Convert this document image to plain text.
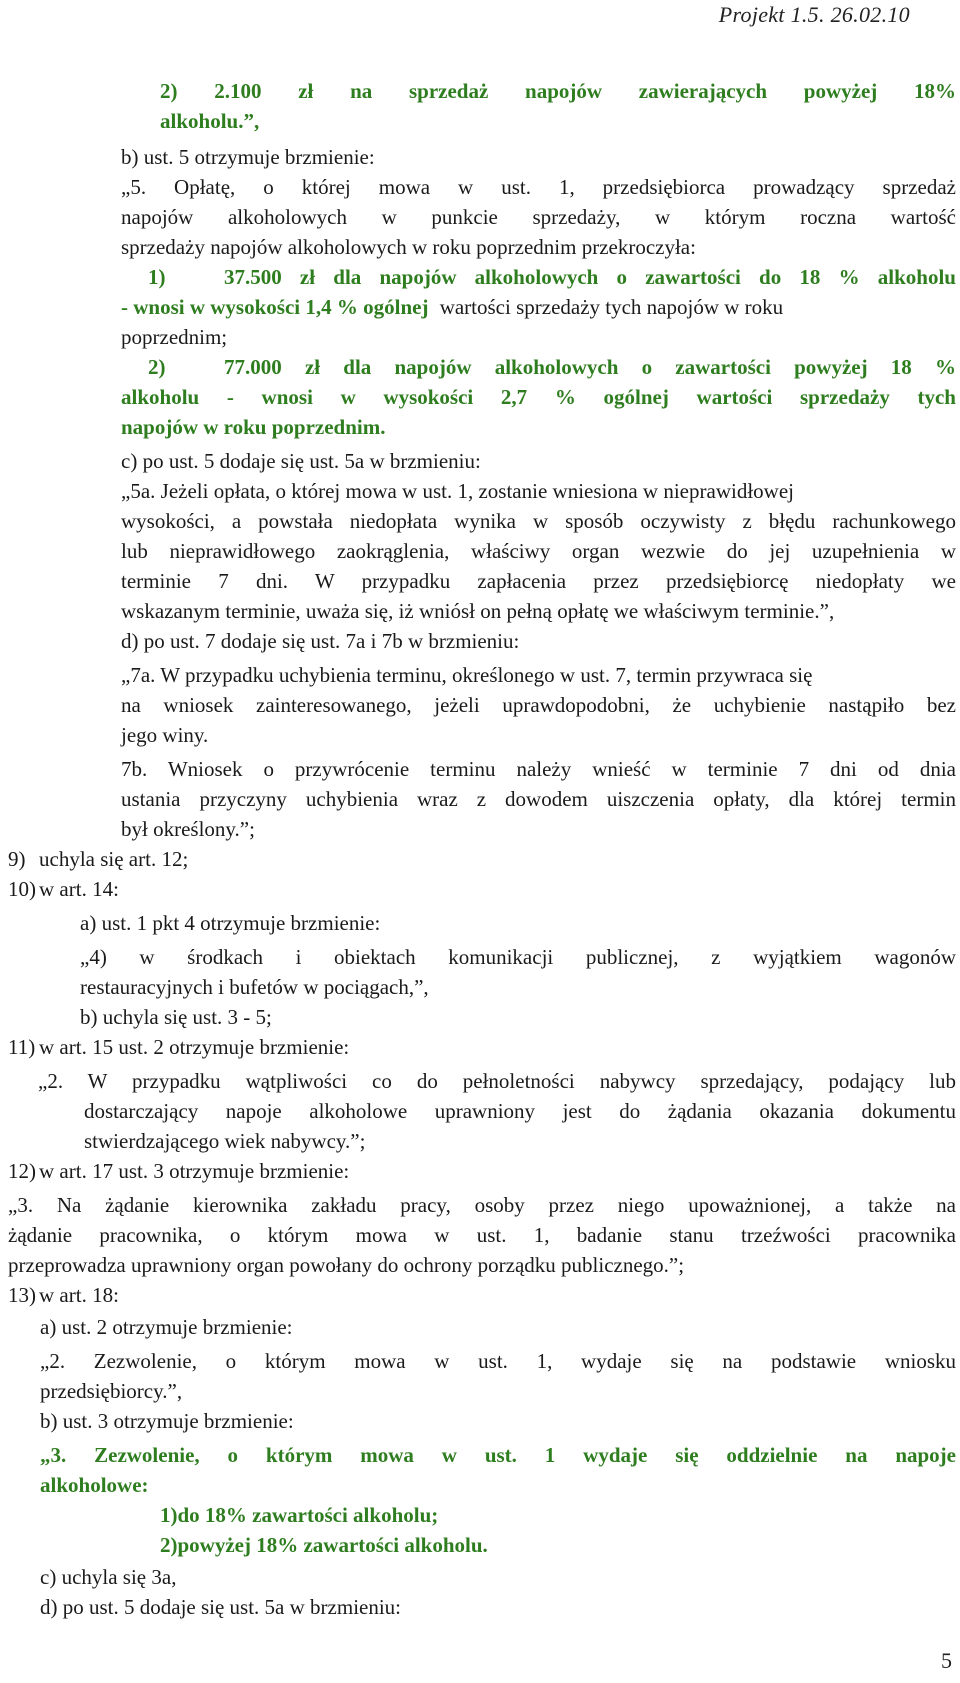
Projekt 1.5. 26.02.10
2) 2.100 zł na sprzedaż napojów zawierających powyżej 18%
alkoholu.”,
b) ust. 5 otrzymuje brzmienie:
„5. Opłatę, o której mowa w ust. 1, przedsiębiorca prowadzący sprzedaż
napojów alkoholowych w punkcie sprzedaży, w którym roczna wartość
sprzedaży napojów alkoholowych w roku poprzednim przekroczyła:
1)	37.500 zł dla napojów alkoholowych o zawartości do 18 % alkoholu
- wnosi w wysokości 1,4 % ogólnej wartości sprzedaży tych napojów w roku
poprzednim;
2)	77.000 zł dla napojów alkoholowych o zawartości powyżej 18 %
alkoholu - wnosi w wysokości 2,7 % ogólnej wartości sprzedaży tych
napojów w roku poprzednim.
c) po ust. 5 dodaje się ust. 5a w brzmieniu:
„5a. Jeżeli opłata, o której mowa w ust. 1, zostanie wniesiona w nieprawidłowej
wysokości, a powstała niedopłata wynika w sposób oczywisty z błędu rachunkowego
lub nieprawidłowego zaokrąglenia, właściwy organ wezwie do jej uzupełnienia w
terminie 7 dni. W przypadku zapłacenia przez przedsiębiorcę niedopłaty we
wskazanym terminie, uważa się, iż wniósł on pełną opłatę we właściwym terminie.”,
d) po ust. 7 dodaje się ust. 7a i 7b w brzmieniu:
„7a. W przypadku uchybienia terminu, określonego w ust. 7, termin przywraca się
na wniosek zainteresowanego, jeżeli uprawdopodobni, że uchybienie nastąpiło bez
jego winy.
7b. Wniosek o przywrócenie terminu należy wnieść w terminie 7 dni od dnia
ustania przyczyny uchybienia wraz z dowodem uiszczenia opłaty, dla której termin
był określony.”;
9) uchyla się art. 12;
10) w art. 14:
a) ust. 1 pkt 4 otrzymuje brzmienie:
„4) w środkach i obiektach komunikacji publicznej, z wyjątkiem wagonów
restauracyjnych i bufetów w pociągach,”,
b) uchyla się ust. 3 - 5;
11) w art. 15 ust. 2 otrzymuje brzmienie:
„2. W przypadku wątpliwości co do pełnoletności nabywcy sprzedający, podający lub
dostarczający napoje alkoholowe uprawniony jest do żądania okazania dokumentu
stwierdzającego wiek nabywcy.”;
12) w art. 17 ust. 3 otrzymuje brzmienie:
„3. Na żądanie kierownika zakładu pracy, osoby przez niego upoważnionej, a także na
żądanie pracownika, o którym mowa w ust. 1, badanie stanu trzeźwości pracownika
przeprowadza uprawniony organ powołany do ochrony porządku publicznego.”;
13) w art. 18:
a) ust. 2 otrzymuje brzmienie:
„2. Zezwolenie, o którym mowa w ust. 1, wydaje się na podstawie wniosku
przedsiębiorcy.”,
b) ust. 3 otrzymuje brzmienie:
„3. Zezwolenie, o którym mowa w ust. 1 wydaje się oddzielnie na napoje
alkoholowe:
1)do 18% zawartości alkoholu;
2)powyżej 18% zawartości alkoholu.
c) uchyla się 3a,
d) po ust. 5 dodaje się ust. 5a w brzmieniu:
5
